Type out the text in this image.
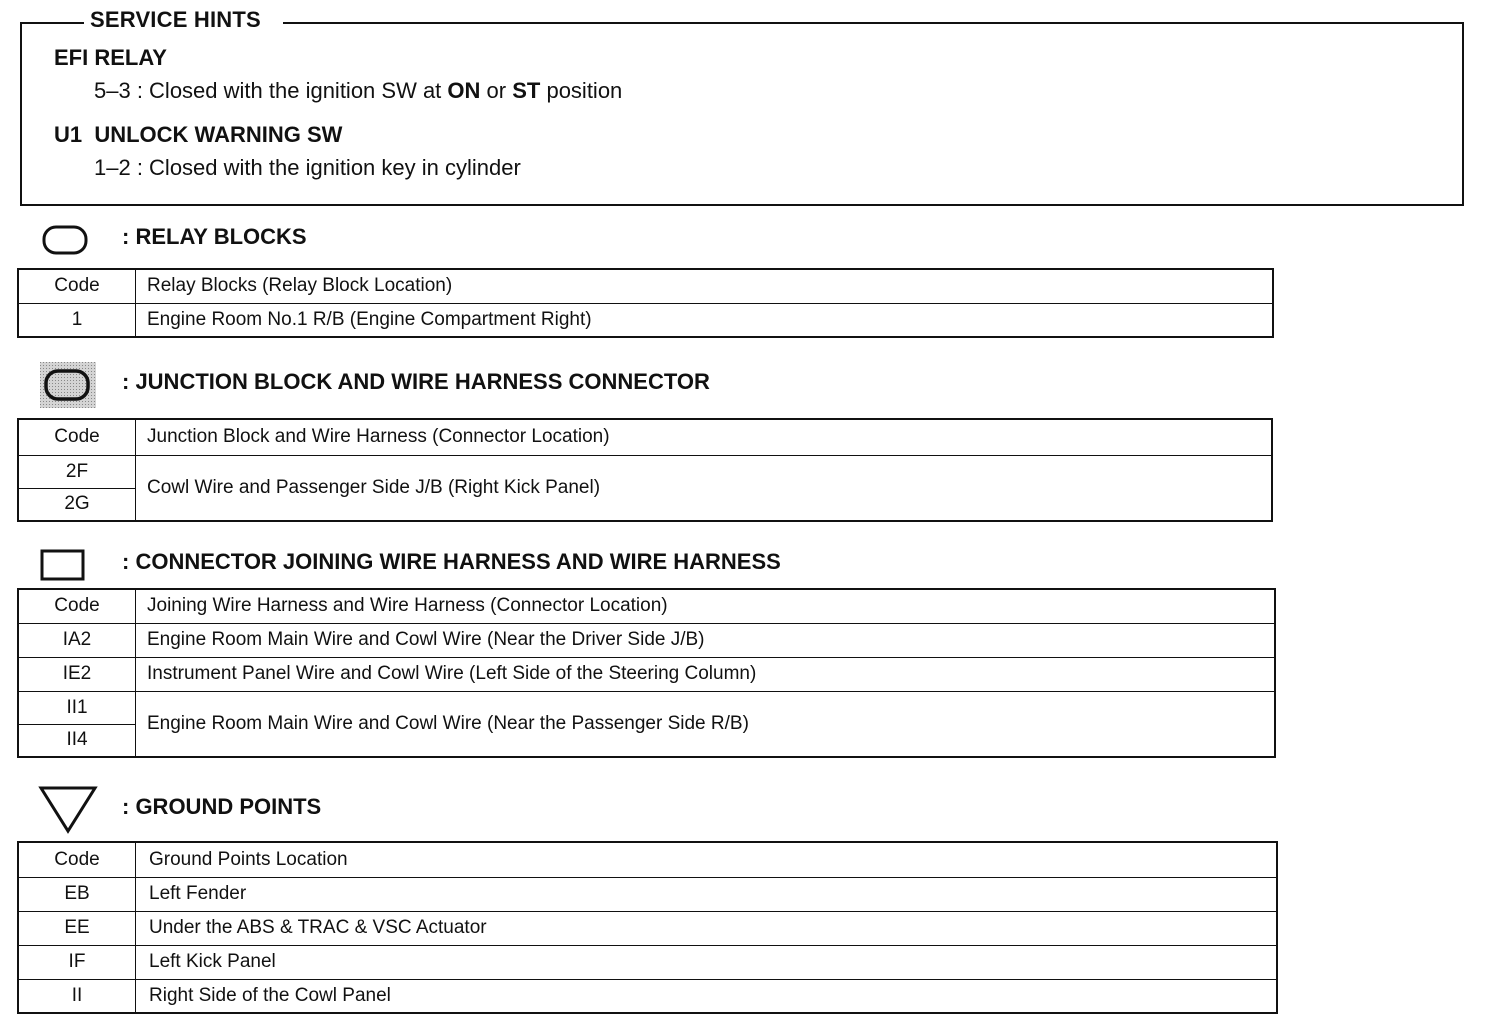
SERVICE HINTS
EFI RELAY
5–3 : Closed with the ignition SW at ON or ST position
U1  UNLOCK WARNING SW
1–2 : Closed with the ignition key in cylinder
: RELAY BLOCKS
Code	Relay Blocks (Relay Block Location)
1	Engine Room No.1 R/B (Engine Compartment Right)
: JUNCTION BLOCK AND WIRE HARNESS CONNECTOR
Code	Junction Block and Wire Harness (Connector Location)
2F	Cowl Wire and Passenger Side J/B (Right Kick Panel)
2G	
: CONNECTOR JOINING WIRE HARNESS AND WIRE HARNESS
Code	Joining Wire Harness and Wire Harness (Connector Location)
IA2	Engine Room Main Wire and Cowl Wire (Near the Driver Side J/B)
IE2	Instrument Panel Wire and Cowl Wire (Left Side of the Steering Column)
II1	Engine Room Main Wire and Cowl Wire (Near the Passenger Side R/B)
II4	
: GROUND POINTS
Code	Ground Points Location
EB	Left Fender
EE	Under the ABS & TRAC & VSC Actuator
IF	Left Kick Panel
II	Right Side of the Cowl Panel
